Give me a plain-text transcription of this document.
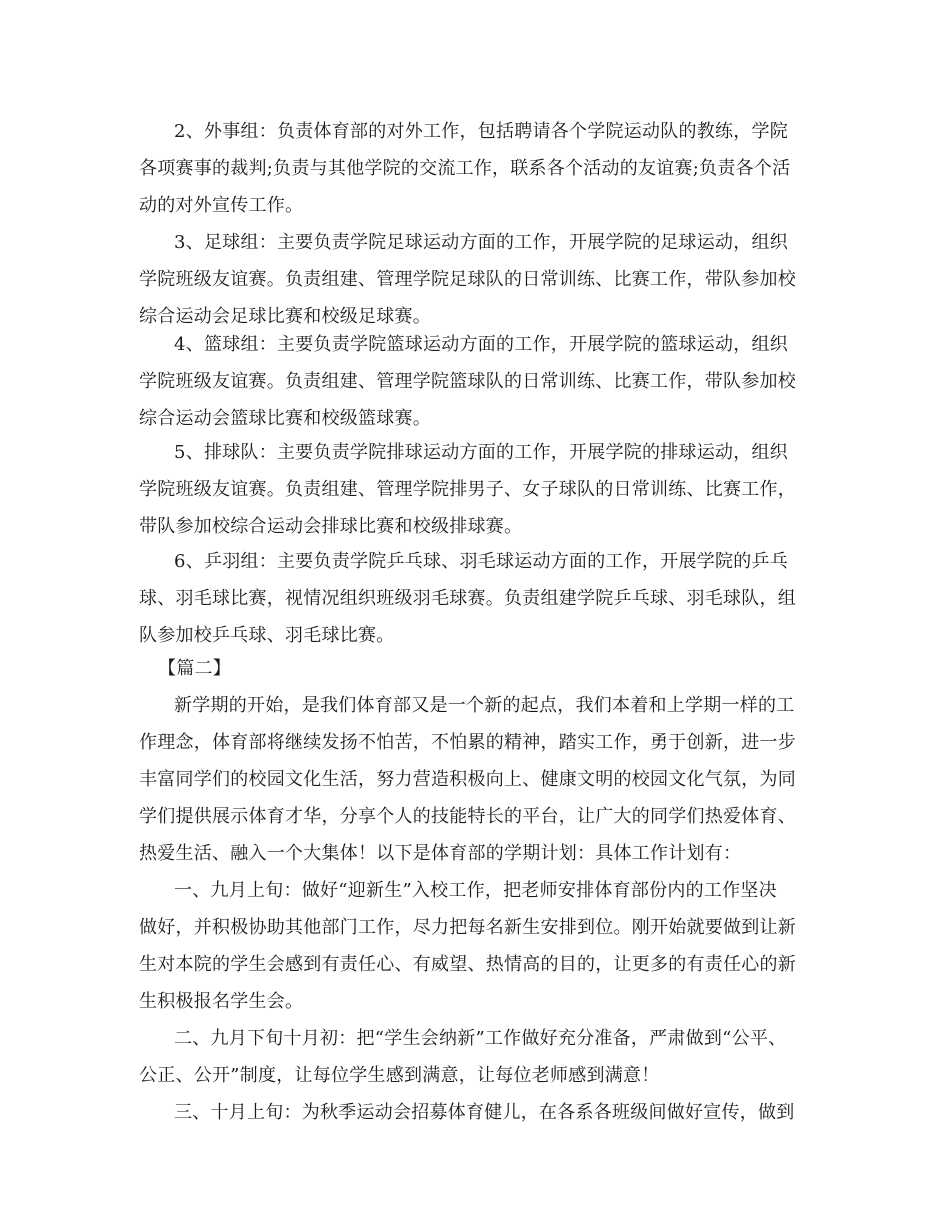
2、外事组：负责体育部的对外工作，包括聘请各个学院运动队的教练，学院
各项赛事的裁判;负责与其他学院的交流工作，联系各个活动的友谊赛;负责各个活
动的对外宣传工作。
3、足球组：主要负责学院足球运动方面的工作，开展学院的足球运动，组织
学院班级友谊赛。负责组建、管理学院足球队的日常训练、比赛工作，带队参加校
综合运动会足球比赛和校级足球赛。
4、篮球组：主要负责学院篮球运动方面的工作，开展学院的篮球运动，组织
学院班级友谊赛。负责组建、管理学院篮球队的日常训练、比赛工作，带队参加校
综合运动会篮球比赛和校级篮球赛。
5、排球队：主要负责学院排球运动方面的工作，开展学院的排球运动，组织
学院班级友谊赛。负责组建、管理学院排男子、女子球队的日常训练、比赛工作，
带队参加校综合运动会排球比赛和校级排球赛。
6、乒羽组：主要负责学院乒乓球、羽毛球运动方面的工作，开展学院的乒乓
球、羽毛球比赛，视情况组织班级羽毛球赛。负责组建学院乒乓球、羽毛球队，组
队参加校乒乓球、羽毛球比赛。
【篇二】
新学期的开始，是我们体育部又是一个新的起点，我们本着和上学期一样的工
作理念，体育部将继续发扬不怕苦，不怕累的精神，踏实工作，勇于创新，进一步
丰富同学们的校园文化生活，努力营造积极向上、健康文明的校园文化气氛，为同
学们提供展示体育才华，分享个人的技能特长的平台，让广大的同学们热爱体育、
热爱生活、融入一个大集体！以下是体育部的学期计划：具体工作计划有：
一、九月上旬：做好“迎新生”入校工作，把老师安排体育部份内的工作坚决
做好，并积极协助其他部门工作，尽力把每名新生安排到位。刚开始就要做到让新
生对本院的学生会感到有责任心、有威望、热情高的目的，让更多的有责任心的新
生积极报名学生会。
二、九月下旬十月初：把“学生会纳新”工作做好充分准备，严肃做到“公平、
公正、公开”制度，让每位学生感到满意，让每位老师感到满意！
三、十月上旬：为秋季运动会招募体育健儿，在各系各班级间做好宣传，做到
